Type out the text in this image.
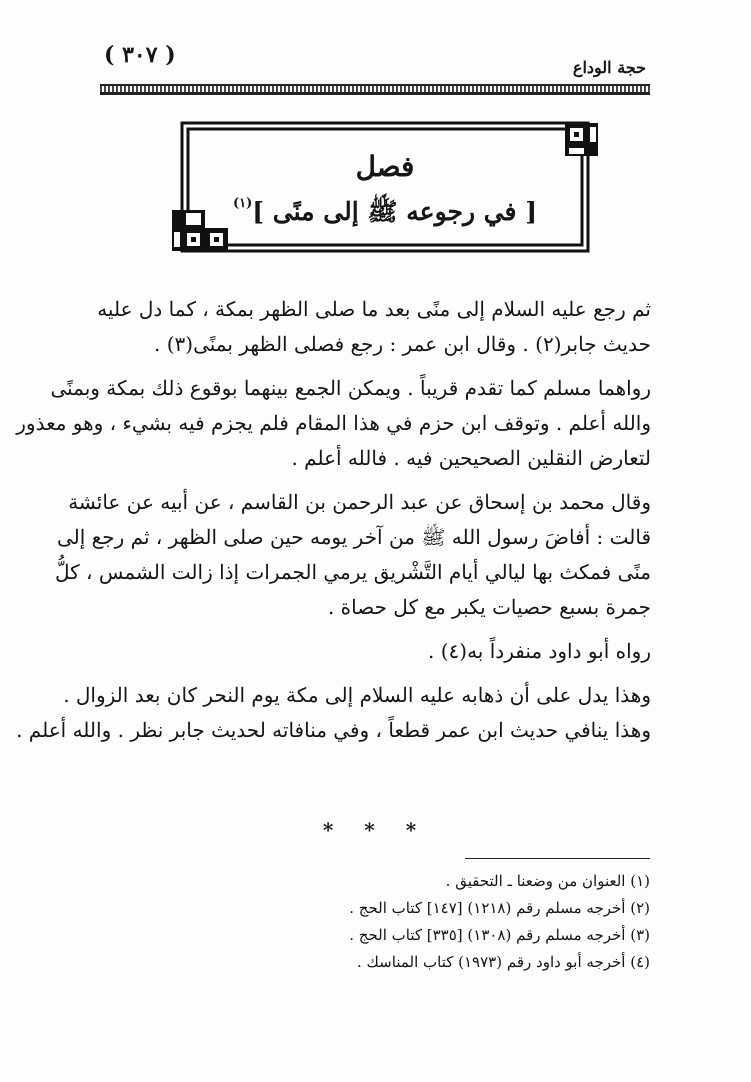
( ٣٠٧ )	حجة الوداع
فصل
[ في رجوعه ﷺ إلى منًى ]$^{(١)}$
ثم رجع عليه السلام إلى منًى بعد ما صلى الظهر بمكة ، كما دل عليه
حديث جابر(٢) . وقال ابن عمر : رجع فصلى الظهر بمنًى(٣) .
رواهما مسلم كما تقدم قريباً . ويمكن الجمع بينهما بوقوع ذلك بمكة وبمنًى
والله أعلم . وتوقف ابن حزم في هذا المقام فلم يجزم فيه بشيء ، وهو معذور
لتعارض النقلين الصحيحين فيه . فالله أعلم .
وقال محمد بن إسحاق عن عبد الرحمن بن القاسم ، عن أبيه عن عائشة
قالت : أفاضَ رسول الله ﷺ من آخر يومه حين صلى الظهر ، ثم رجع إلى
منًى فمكث بها ليالي أيام التَّشْريق يرمي الجمرات إذا زالت الشمس ، كلُّ
جمرة بسبع حصيات يكبر مع كل حصاة .
رواه أبو داود منفرداً به(٤) .
وهذا يدل على أن ذهابه عليه السلام إلى مكة يوم النحر كان بعد الزوال .
وهذا ينافي حديث ابن عمر قطعاً ، وفي منافاته لحديث جابر نظر . والله أعلم .
* * *
(١) العنوان من وضعنا ـ التحقيق .
(٢) أخرجه مسلم رقم (١٢١٨) [١٤٧] كتاب الحج .
(٣) أخرجه مسلم رقم (١٣٠٨) [٣٣٥] كتاب الحج .
(٤) أخرجه أبو داود رقم (١٩٧٣) كتاب المناسك .
